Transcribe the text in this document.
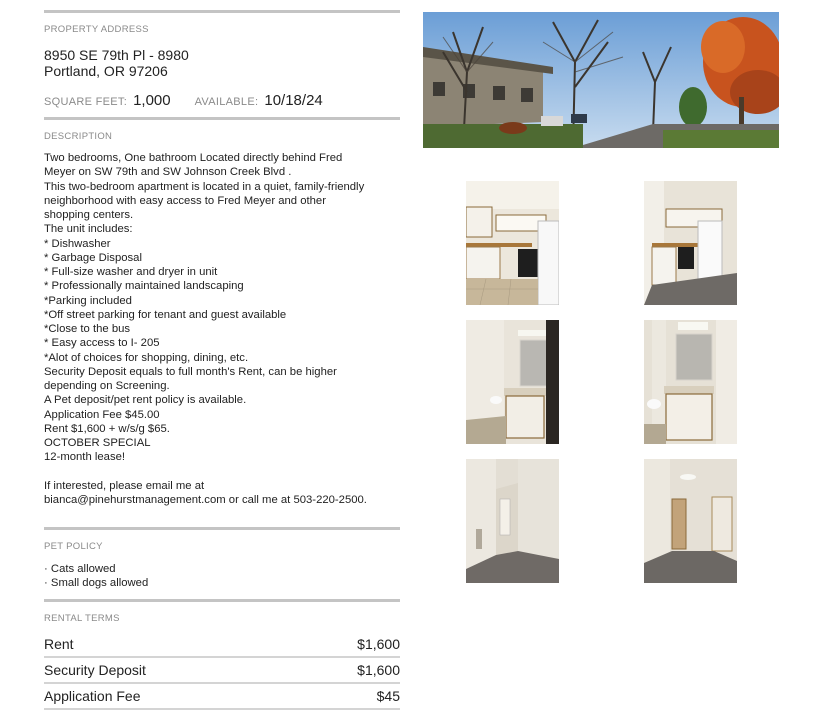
PROPERTY ADDRESS
8950 SE 79th Pl - 8980
Portland, OR 97206
SQUARE FEET: 1,000 AVAILABLE: 10/18/24
DESCRIPTION

Two bedrooms, One bathroom Located directly behind Fred
Meyer on SW 79th and SW Johnson Creek Blvd .
This two-bedroom apartment is located in a quiet, family-friendly
neighborhood with easy access to Fred Meyer and other
shopping centers.
The unit includes:
* Dishwasher
* Garbage Disposal
* Full-size washer and dryer in unit
* Professionally maintained landscaping
*Parking included
*Off street parking for tenant and guest available
*Close to the bus
* Easy access to I- 205
*Alot of choices for shopping, dining, etc.
Security Deposit equals to full month's Rent, can be higher
depending on Screening.
A Pet deposit/pet rent policy is available.
Application Fee $45.00
Rent $1,600 + w/s/g $65.
OCTOBER SPECIAL
12-month lease!

If interested, please email me at
bianca@pinehurstmanagement.com or call me at 503-220-2500.

PET POLICY
· Cats allowed
· Small dogs allowed
RENTAL TERMS
Rent	$1,600
Security Deposit	$1,600
Application Fee	$45
